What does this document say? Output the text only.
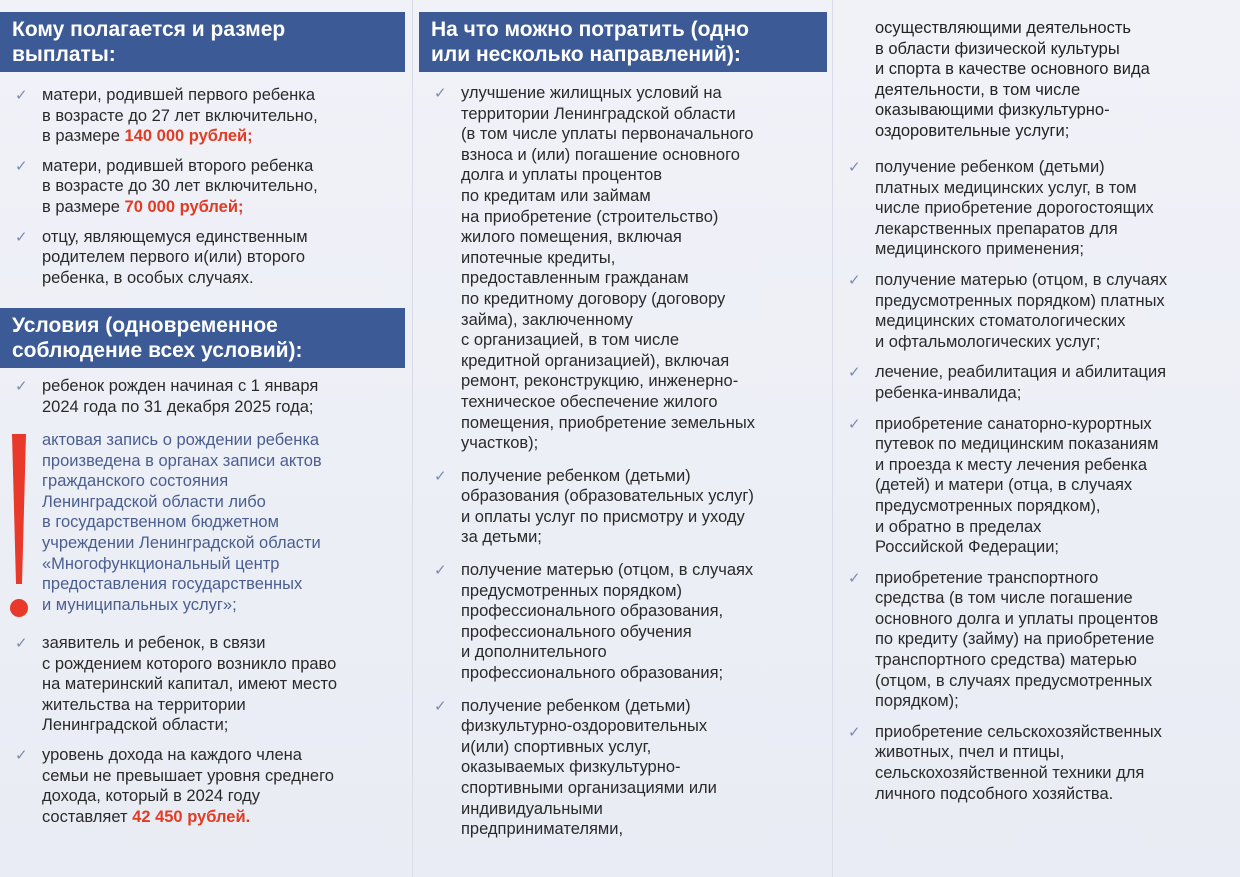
Кому полагается и размер
выплаты:
✓ матери, родившей первого ребенка
в возрасте до 27 лет включительно,
в размере 140 000 рублей;
✓ матери, родившей второго ребенка
в возрасте до 30 лет включительно,
в размере 70 000 рублей;
✓ отцу, являющемуся единственным
родителем первого и(или) второго
ребенка, в особых случаях.
Условия (одновременное
соблюдение всех условий):
✓ ребенок рожден начиная с 1 января
2024 года по 31 декабря 2025 года;
актовая запись о рождении ребенка
произведена в органах записи актов
гражданского состояния
Ленинградской области либо
в государственном бюджетном
учреждении Ленинградской области
«Многофункциональный центр
предоставления государственных
и муниципальных услуг»;
✓ заявитель и ребенок, в связи
с рождением которого возникло право
на материнский капитал, имеют место
жительства на территории
Ленинградской области;
✓ уровень дохода на каждого члена
семьи не превышает уровня среднего
дохода, который в 2024 году
составляет 42 450 рублей.
На что можно потратить (одно
или несколько направлений):
✓ улучшение жилищных условий на
территории Ленинградской области
(в том числе уплаты первоначального
взноса и (или) погашение основного
долга и уплаты процентов
по кредитам или займам
на приобретение (строительство)
жилого помещения, включая
ипотечные кредиты,
предоставленным гражданам
по кредитному договору (договору
займа), заключенному
с организацией, в том числе
кредитной организацией), включая
ремонт, реконструкцию, инженерно-
техническое обеспечение жилого
помещения, приобретение земельных
участков);
✓ получение ребенком (детьми)
образования (образовательных услуг)
и оплаты услуг по присмотру и уходу
за детьми;
✓ получение матерью (отцом, в случаях
предусмотренных порядком)
профессионального образования,
профессионального обучения
и дополнительного
профессионального образования;
✓ получение ребенком (детьми)
физкультурно-оздоровительных
и(или) спортивных услуг,
оказываемых физкультурно-
спортивными организациями или
индивидуальными
предпринимателями,
осуществляющими деятельность
в области физической культуры
и спорта в качестве основного вида
деятельности, в том числе
оказывающими физкультурно-
оздоровительные услуги;
✓ получение ребенком (детьми)
платных медицинских услуг, в том
числе приобретение дорогостоящих
лекарственных препаратов для
медицинского применения;
✓ получение матерью (отцом, в случаях
предусмотренных порядком) платных
медицинских стоматологических
и офтальмологических услуг;
✓ лечение, реабилитация и абилитация
ребенка-инвалида;
✓ приобретение санаторно-курортных
путевок по медицинским показаниям
и проезда к месту лечения ребенка
(детей) и матери (отца, в случаях
предусмотренных порядком),
и обратно в пределах
Российской Федерации;
✓ приобретение транспортного
средства (в том числе погашение
основного долга и уплаты процентов
по кредиту (займу) на приобретение
транспортного средства) матерью
(отцом, в случаях предусмотренных
порядком);
✓ приобретение сельскохозяйственных
животных, пчел и птицы,
сельскохозяйственной техники для
личного подсобного хозяйства.
